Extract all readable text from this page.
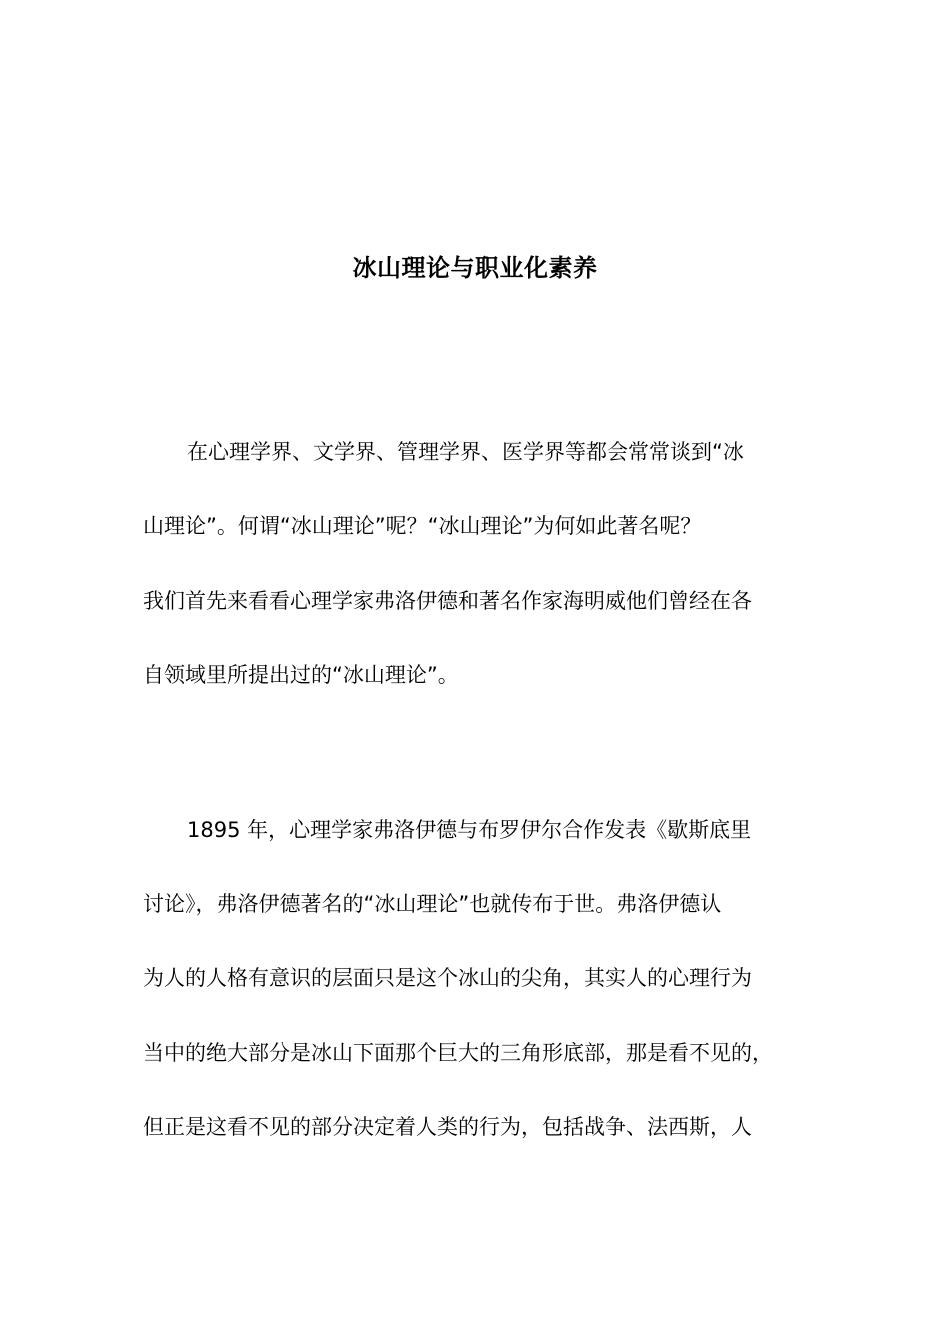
冰山理论与职业化素养
在心理学界、文学界、管理学界、医学界等都会常常谈到“冰
山理论”。何谓“冰山理论”呢？“冰山理论”为何如此著名呢？
我们首先来看看心理学家弗洛伊德和著名作家海明威他们曾经在各
自领域里所提出过的“冰山理论”。
1895 年，心理学家弗洛伊德与布罗伊尔合作发表《歇斯底里
讨论》，弗洛伊德著名的“冰山理论”也就传布于世。弗洛伊德认
为人的人格有意识的层面只是这个冰山的尖角，其实人的心理行为
当中的绝大部分是冰山下面那个巨大的三角形底部，那是看不见的，
但正是这看不见的部分决定着人类的行为，包括战争、法西斯，人
